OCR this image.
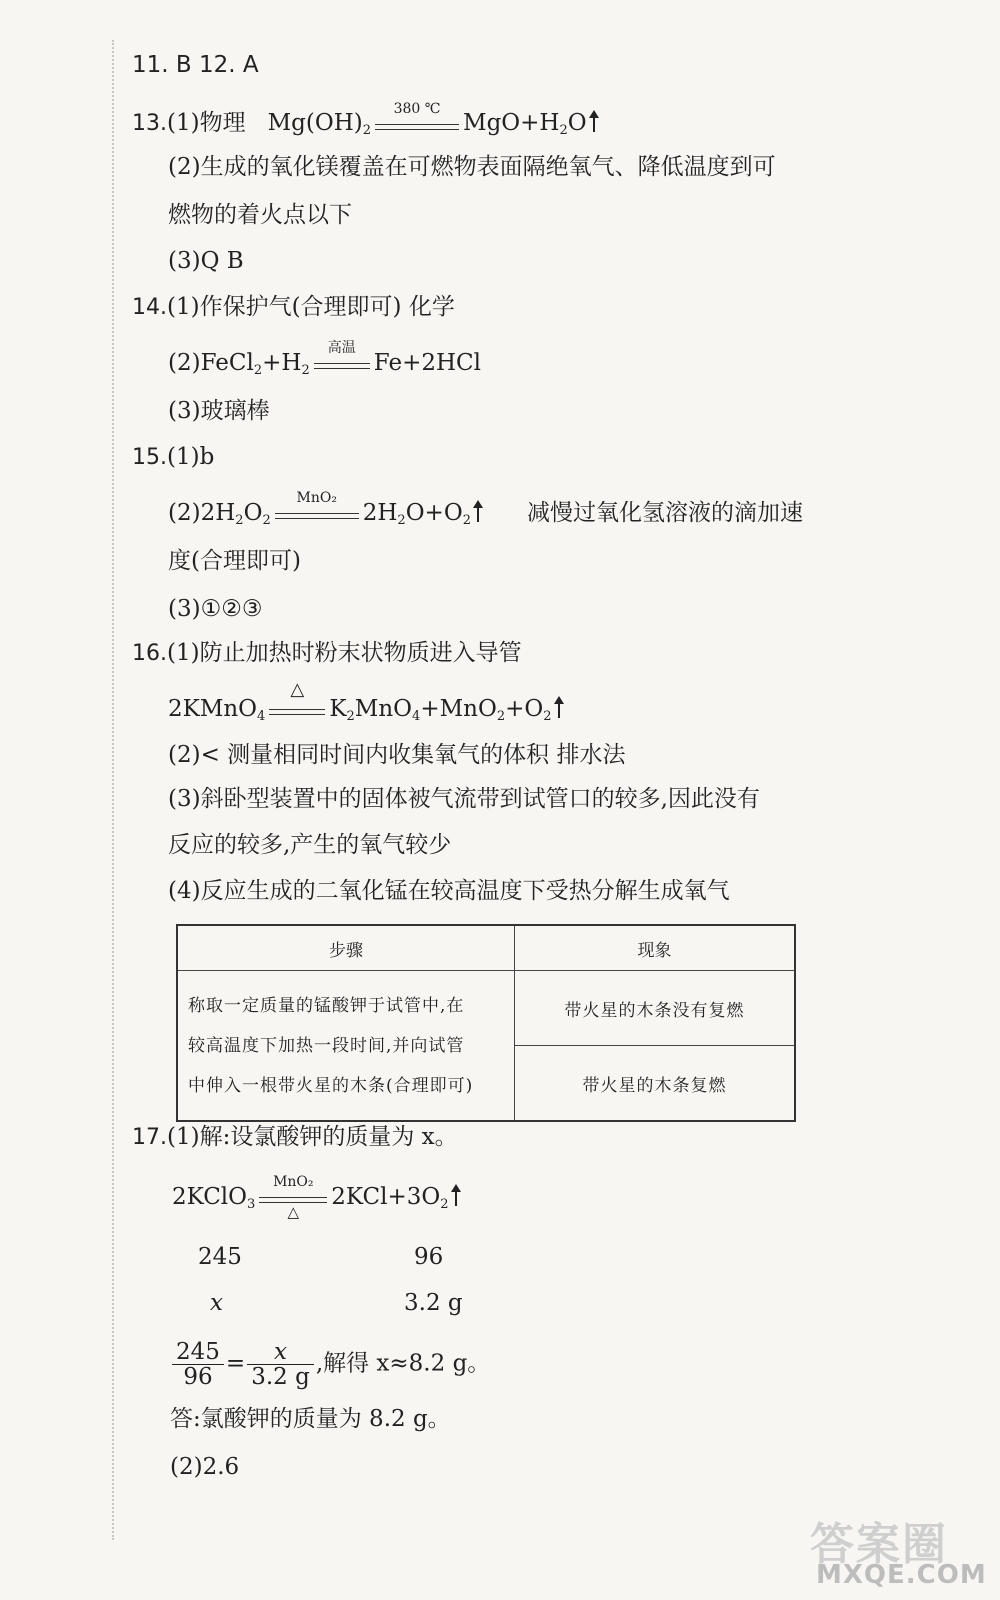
11. B 12. A
13.(1)物理 $Mg(OH)_2$
380 ℃
$MgO+H_2O$
(2)生成的氧化镁覆盖在可燃物表面隔绝氧气、降低温度到可
燃物的着火点以下
(3)Q B
14.(1)作保护气(合理即可) 化学
$(2)FeCl_2+H_2$
高温
Fe+2HCl
(3)玻璃棒
15.(1)b
$(2)2H_2O_2$
MnO₂
$2H_2O+O_2$ 减慢过氧化氢溶液的滴加速
度(合理即可)
(3)①②③
16.(1)防止加热时粉末状物质进入导管
2KMnO$_4$
△
$K_2MnO_4+MnO_2+O_2$
(2)< 测量相同时间内收集氧气的体积 排水法
(3)斜卧型装置中的固体被气流带到试管口的较多,因此没有
反应的较多,产生的氧气较少
(4)反应生成的二氧化锰在较高温度下受热分解生成氧气
步骤	现象

称取一定质量的锰酸钾于试管中,在
较高温度下加热一段时间,并向试管
中伸入一根带火星的木条(合理即可)	带火星的木条没有复燃
	带火星的木条复燃
17.(1)解:设氯酸钾的质量为 x。
2KClO$_3$
MnO₂
△
$2KCl+3O_2$
245	96
x	3.2 g
$\frac{245}{96} = \frac{x}{3.2 g}$ ,解得 x≈8.2 g。
答:氯酸钾的质量为 8.2 g。
(2)2.6
答案圈
MXQE.COM
